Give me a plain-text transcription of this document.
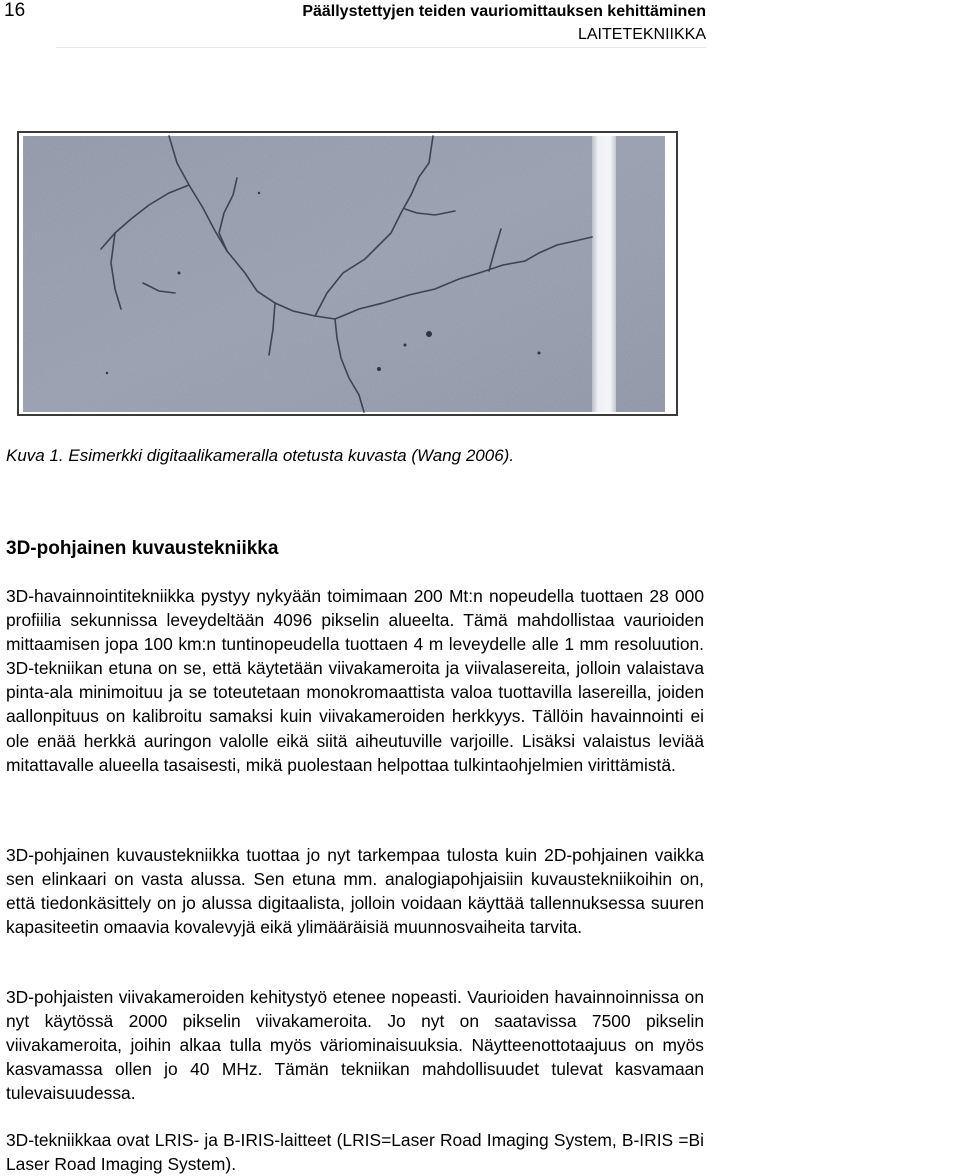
16	Päällystettyjen teiden vauriomittauksen kehittäminen
LAITETEKNIIKKA
Kuva 1. Esimerkki digitaalikameralla otetusta kuvasta (Wang 2006).
3D-pohjainen kuvaustekniikka

3D-havainnointitekniikka pystyy nykyään toimimaan 200 Mt:n nopeudella tuottaen 28 000 profiilia sekunnissa leveydeltään 4096 pikselin alueelta. Tämä mahdollistaa vaurioiden mittaamisen jopa 100 km:n tuntinopeudella tuottaen 4 m leveydelle alle 1 mm resoluution. 3D-tekniikan etuna on se, että käytetään viivakameroita ja viivalasereita, jolloin valaistava pinta-ala minimoituu ja se toteutetaan monokromaattista valoa tuottavilla lasereilla, joiden aallonpituus on kalibroitu samaksi kuin viivakameroiden herkkyys. Tällöin havainnointi ei ole enää herkkä auringon valolle eikä siitä aiheutuville varjoille. Lisäksi valaistus leviää mitattavalle alueella tasaisesti, mikä puolestaan helpottaa tulkintaohjelmien virittämistä.

3D-pohjainen kuvaustekniikka tuottaa jo nyt tarkempaa tulosta kuin 2D-pohjainen vaikka sen elinkaari on vasta alussa. Sen etuna mm. analogiapohjaisiin kuvaustekniikoihin on, että tiedonkäsittely on jo alussa digitaalista, jolloin voidaan käyttää tallennuksessa suuren kapasiteetin omaavia kovalevyjä eikä ylimääräisiä muunnosvaiheita tarvita.

3D-pohjaisten viivakameroiden kehitystyö etenee nopeasti. Vaurioiden havainnoinnissa on nyt käytössä 2000 pikselin viivakameroita. Jo nyt on saatavissa 7500 pikselin viivakameroita, joihin alkaa tulla myös väriominaisuuksia. Näytteenottotaajuus on myös kasvamassa ollen jo 40 MHz. Tämän tekniikan mahdollisuudet tulevat kasvamaan tulevaisuudessa.

3D-tekniikkaa ovat LRIS- ja B-IRIS-laitteet (LRIS=Laser Road Imaging System, B-IRIS =Bi Laser Road Imaging System).
